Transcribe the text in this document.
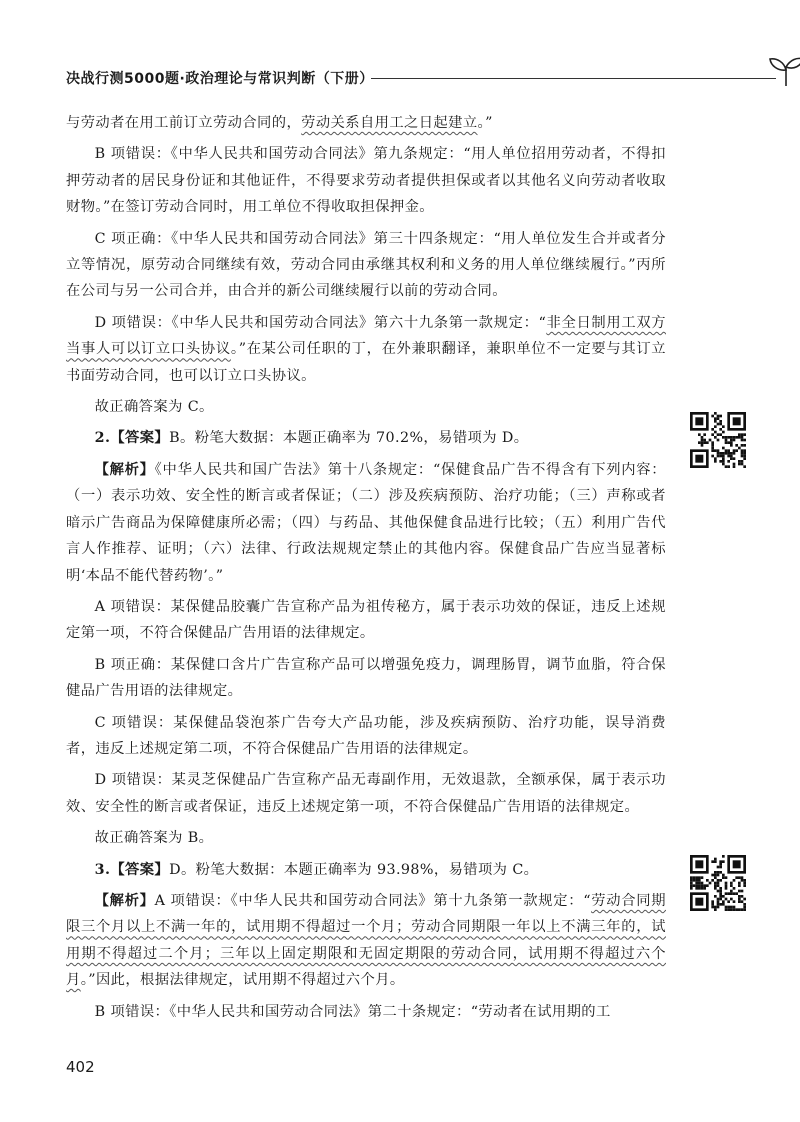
决战行测5000题·政治理论与常识判断（下册）

与劳动者在用工前订立劳动合同的，劳动关系自用工之日起建立。”

B 项错误：《中华人民共和国劳动合同法》第九条规定：“用人单位招用劳动者，不得扣押劳动者的居民身份证和其他证件，不得要求劳动者提供担保或者以其他名义向劳动者收取财物。”在签订劳动合同时，用工单位不得收取担保押金。

C 项正确：《中华人民共和国劳动合同法》第三十四条规定：“用人单位发生合并或者分立等情况，原劳动合同继续有效，劳动合同由承继其权利和义务的用人单位继续履行。”丙所在公司与另一公司合并，由合并的新公司继续履行以前的劳动合同。

D 项错误：《中华人民共和国劳动合同法》第六十九条第一款规定：“非全日制用工双方当事人可以订立口头协议。”在某公司任职的丁，在外兼职翻译，兼职单位不一定要与其订立书面劳动合同，也可以订立口头协议。

故正确答案为 C。

2.【答案】B。粉笔大数据：本题正确率为 70.2%，易错项为 D。

【解析】《中华人民共和国广告法》第十八条规定：“保健食品广告不得含有下列内容：（一）表示功效、安全性的断言或者保证；（二）涉及疾病预防、治疗功能；（三）声称或者暗示广告商品为保障健康所必需；（四）与药品、其他保健食品进行比较；（五）利用广告代言人作推荐、证明；（六）法律、行政法规规定禁止的其他内容。保健食品广告应当显著标明‘本品不能代替药物’。”

A 项错误：某保健品胶囊广告宣称产品为祖传秘方，属于表示功效的保证，违反上述规定第一项，不符合保健品广告用语的法律规定。

B 项正确：某保健口含片广告宣称产品可以增强免疫力，调理肠胃，调节血脂，符合保健品广告用语的法律规定。

C 项错误：某保健品袋泡茶广告夸大产品功能，涉及疾病预防、治疗功能，误导消费者，违反上述规定第二项，不符合保健品广告用语的法律规定。

D 项错误：某灵芝保健品广告宣称产品无毒副作用，无效退款，全额承保，属于表示功效、安全性的断言或者保证，违反上述规定第一项，不符合保健品广告用语的法律规定。

故正确答案为 B。

3.【答案】D。粉笔大数据：本题正确率为 93.98%，易错项为 C。

【解析】A 项错误：《中华人民共和国劳动合同法》第十九条第一款规定：“劳动合同期限三个月以上不满一年的，试用期不得超过一个月；劳动合同期限一年以上不满三年的，试用期不得超过二个月；三年以上固定期限和无固定期限的劳动合同，试用期不得超过六个月。”因此，根据法律规定，试用期不得超过六个月。

B 项错误：《中华人民共和国劳动合同法》第二十条规定：“劳动者在试用期的工

402
